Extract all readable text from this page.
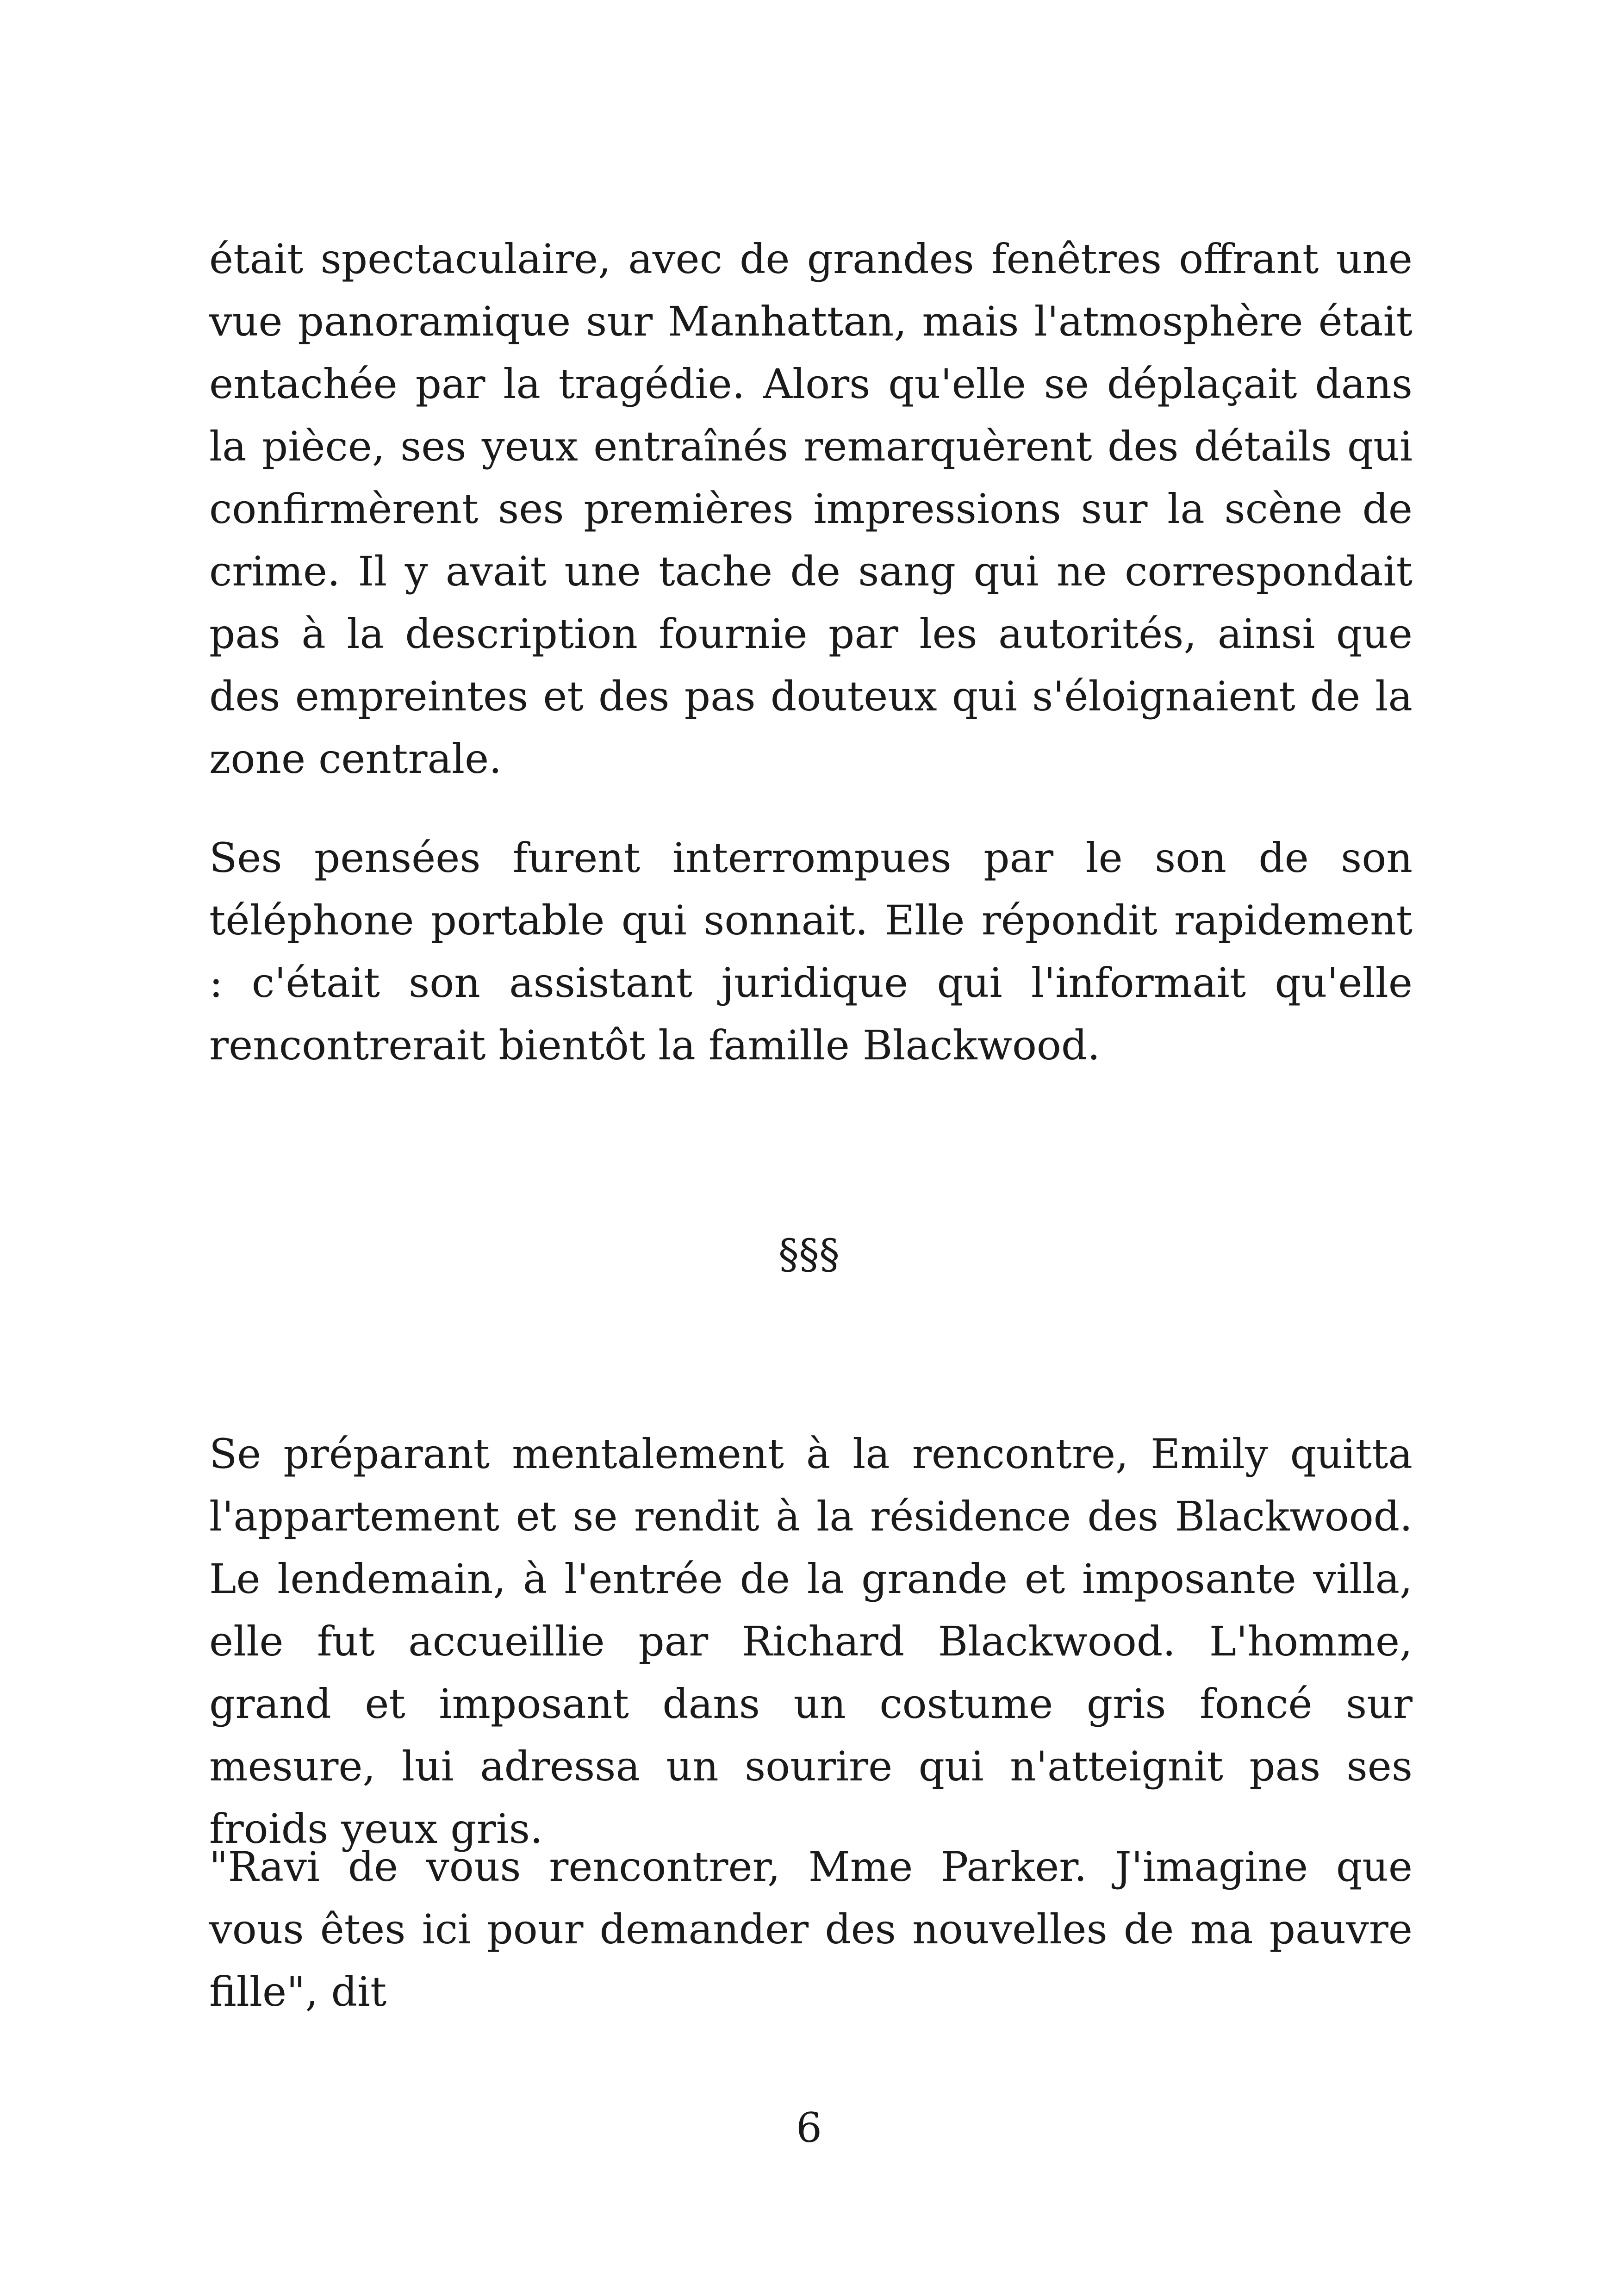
était spectaculaire, avec de grandes fenêtres offrant une vue panoramique sur Manhattan, mais l'atmosphère était entachée par la tragédie. Alors qu'elle se déplaçait dans la pièce, ses yeux entraînés remarquèrent des détails qui confirmèrent ses premières impressions sur la scène de crime. Il y avait une tache de sang qui ne correspondait pas à la description fournie par les autorités, ainsi que des empreintes et des pas douteux qui s'éloignaient de la zone centrale.

Ses pensées furent interrompues par le son de son téléphone portable qui sonnait. Elle répondit rapidement : c'était son assistant juridique qui l'informait qu'elle rencontrerait bientôt la famille Blackwood.

§§§

Se préparant mentalement à la rencontre, Emily quitta l'appartement et se rendit à la résidence des Blackwood. Le lendemain, à l'entrée de la grande et imposante villa, elle fut accueillie par Richard Blackwood. L'homme, grand et imposant dans un costume gris foncé sur mesure, lui adressa un sourire qui n'atteignit pas ses froids yeux gris.

"Ravi de vous rencontrer, Mme Parker. J'imagine que vous êtes ici pour demander des nouvelles de ma pauvre fille", dit

6
